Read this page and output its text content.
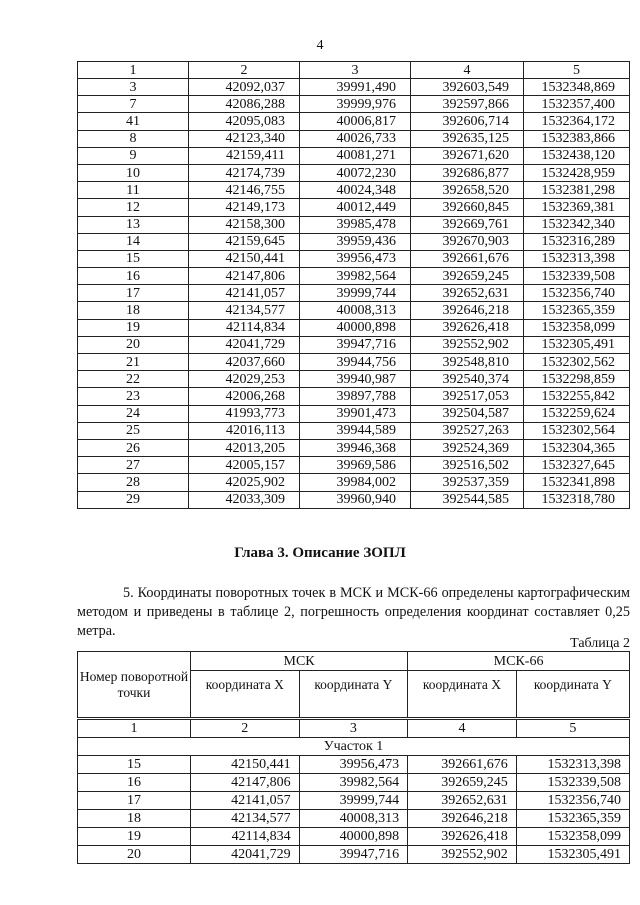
4
1	2	3	4	5
3	42092,037	39991,490	392603,549	1532348,869
7	42086,288	39999,976	392597,866	1532357,400
41	42095,083	40006,817	392606,714	1532364,172
8	42123,340	40026,733	392635,125	1532383,866
9	42159,411	40081,271	392671,620	1532438,120
10	42174,739	40072,230	392686,877	1532428,959
11	42146,755	40024,348	392658,520	1532381,298
12	42149,173	40012,449	392660,845	1532369,381
13	42158,300	39985,478	392669,761	1532342,340
14	42159,645	39959,436	392670,903	1532316,289
15	42150,441	39956,473	392661,676	1532313,398
16	42147,806	39982,564	392659,245	1532339,508
17	42141,057	39999,744	392652,631	1532356,740
18	42134,577	40008,313	392646,218	1532365,359
19	42114,834	40000,898	392626,418	1532358,099
20	42041,729	39947,716	392552,902	1532305,491
21	42037,660	39944,756	392548,810	1532302,562
22	42029,253	39940,987	392540,374	1532298,859
23	42006,268	39897,788	392517,053	1532255,842
24	41993,773	39901,473	392504,587	1532259,624
25	42016,113	39944,589	392527,263	1532302,564
26	42013,205	39946,368	392524,369	1532304,365
27	42005,157	39969,586	392516,502	1532327,645
28	42025,902	39984,002	392537,359	1532341,898
29	42033,309	39960,940	392544,585	1532318,780
Глава 3. Описание ЗОПЛ
5. Координаты поворотных точек в МСК и МСК-66 определены картографическим методом и приведены в таблице 2, погрешность определения координат составляет 0,25 метра.
Таблица 2
Номер поворотной точки	МСК		МСК-66	
	координата X	координата Y	координата X	координата Y
1	2	3	4	5
Участок 1				
15	42150,441	39956,473	392661,676	1532313,398
16	42147,806	39982,564	392659,245	1532339,508
17	42141,057	39999,744	392652,631	1532356,740
18	42134,577	40008,313	392646,218	1532365,359
19	42114,834	40000,898	392626,418	1532358,099
20	42041,729	39947,716	392552,902	1532305,491
